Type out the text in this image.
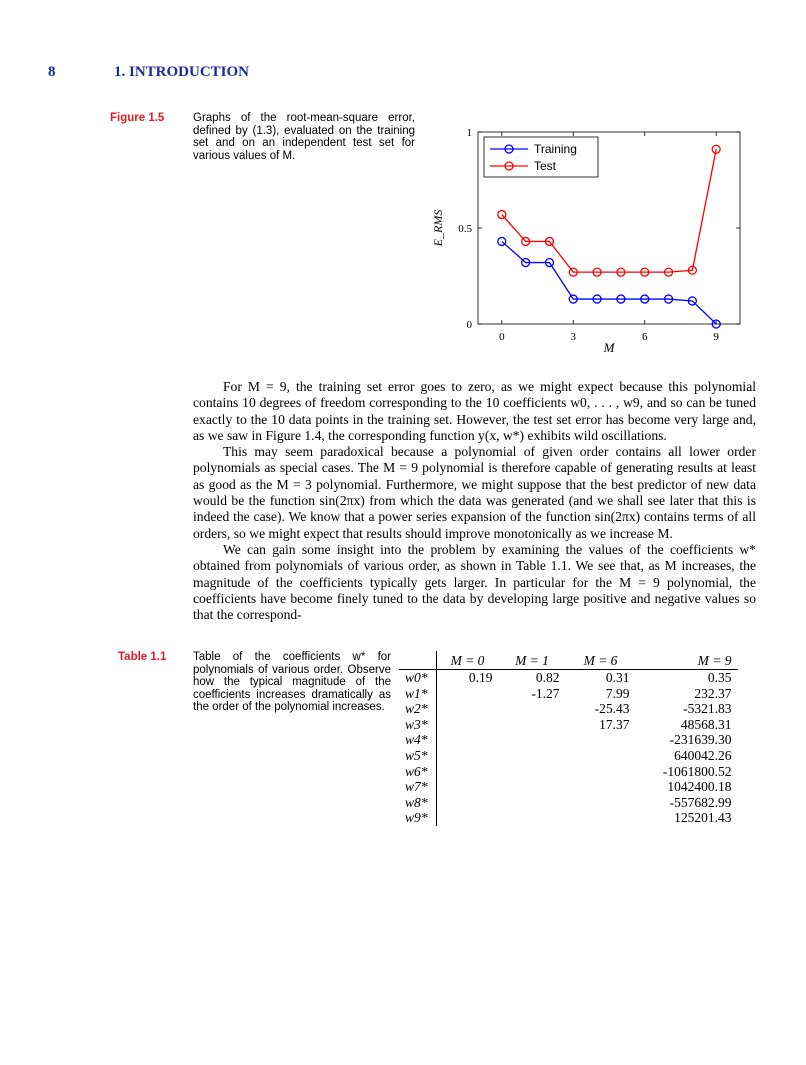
8	1. INTRODUCTION
Figure 1.5 Graphs of the root-mean-square error, defined by (1.3), evaluated on the training set and on an independent test set for various values of M.
0	3	6	9
0
0.5
1
M
E_RMS
Training
Test

For M = 9, the training set error goes to zero, as we might expect because this polynomial contains 10 degrees of freedom corresponding to the 10 coefficients w0, . . . , w9, and so can be tuned exactly to the 10 data points in the training set. However, the test set error has become very large and, as we saw in Figure 1.4, the corresponding function y(x, w*) exhibits wild oscillations.

This may seem paradoxical because a polynomial of given order contains all lower order polynomials as special cases. The M = 9 polynomial is therefore capable of generating results at least as good as the M = 3 polynomial. Furthermore, we might suppose that the best predictor of new data would be the function sin(2πx) from which the data was generated (and we shall see later that this is indeed the case). We know that a power series expansion of the function sin(2πx) contains terms of all orders, so we might expect that results should improve monotonically as we increase M.

We can gain some insight into the problem by examining the values of the coefficients w* obtained from polynomials of various order, as shown in Table 1.1. We see that, as M increases, the magnitude of the coefficients typically gets larger. In particular for the M = 9 polynomial, the coefficients have become finely tuned to the data by developing large positive and negative values so that the correspond-

Table 1.1 Table of the coefficients w* for polynomials of various order. Observe how the typical magnitude of the coefficients increases dramatically as the order of the polynomial increases.
	M = 0	M = 1	M = 6	M = 9
w0*	0.19	0.82	0.31	0.35
w1*		-1.27	7.99	232.37
w2*			-25.43	-5321.83
w3*			17.37	48568.31
w4*				-231639.30
w5*				640042.26
w6*				-1061800.52
w7*				1042400.18
w8*				-557682.99
w9*				125201.43
